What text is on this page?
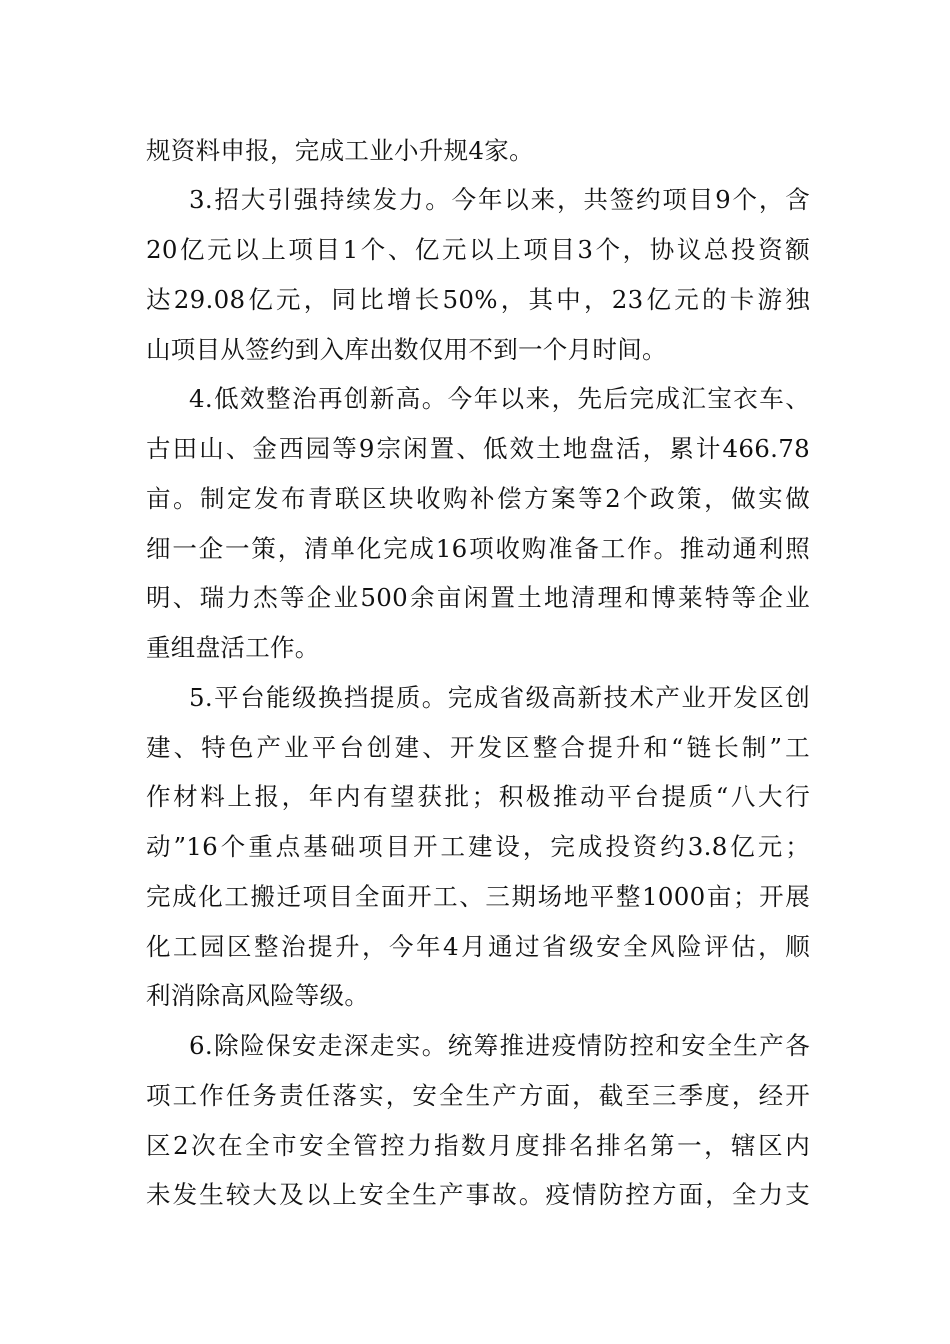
规资料申报，完成工业小升规4家。
3.招大引强持续发力。今年以来，共签约项目9个，含
20亿元以上项目1个、亿元以上项目3个，协议总投资额
达29.08亿元，同比增长50%，其中，23亿元的卡游独
山项目从签约到入库出数仅用不到一个月时间。
4.低效整治再创新高。今年以来，先后完成汇宝衣车、
古田山、金西园等9宗闲置、低效土地盘活，累计466.78
亩。制定发布青联区块收购补偿方案等2个政策，做实做
细一企一策，清单化完成16项收购准备工作。推动通利照
明、瑞力杰等企业500余亩闲置土地清理和博莱特等企业
重组盘活工作。
5.平台能级换挡提质。完成省级高新技术产业开发区创
建、特色产业平台创建、开发区整合提升和“链长制”工
作材料上报，年内有望获批；积极推动平台提质“八大行
动”16个重点基础项目开工建设，完成投资约3.8亿元；
完成化工搬迁项目全面开工、三期场地平整1000亩；开展
化工园区整治提升，今年4月通过省级安全风险评估，顺
利消除高风险等级。
6.除险保安走深走实。统筹推进疫情防控和安全生产各
项工作任务责任落实，安全生产方面，截至三季度，经开
区2次在全市安全管控力指数月度排名排名第一，辖区内
未发生较大及以上安全生产事故。疫情防控方面，全力支
